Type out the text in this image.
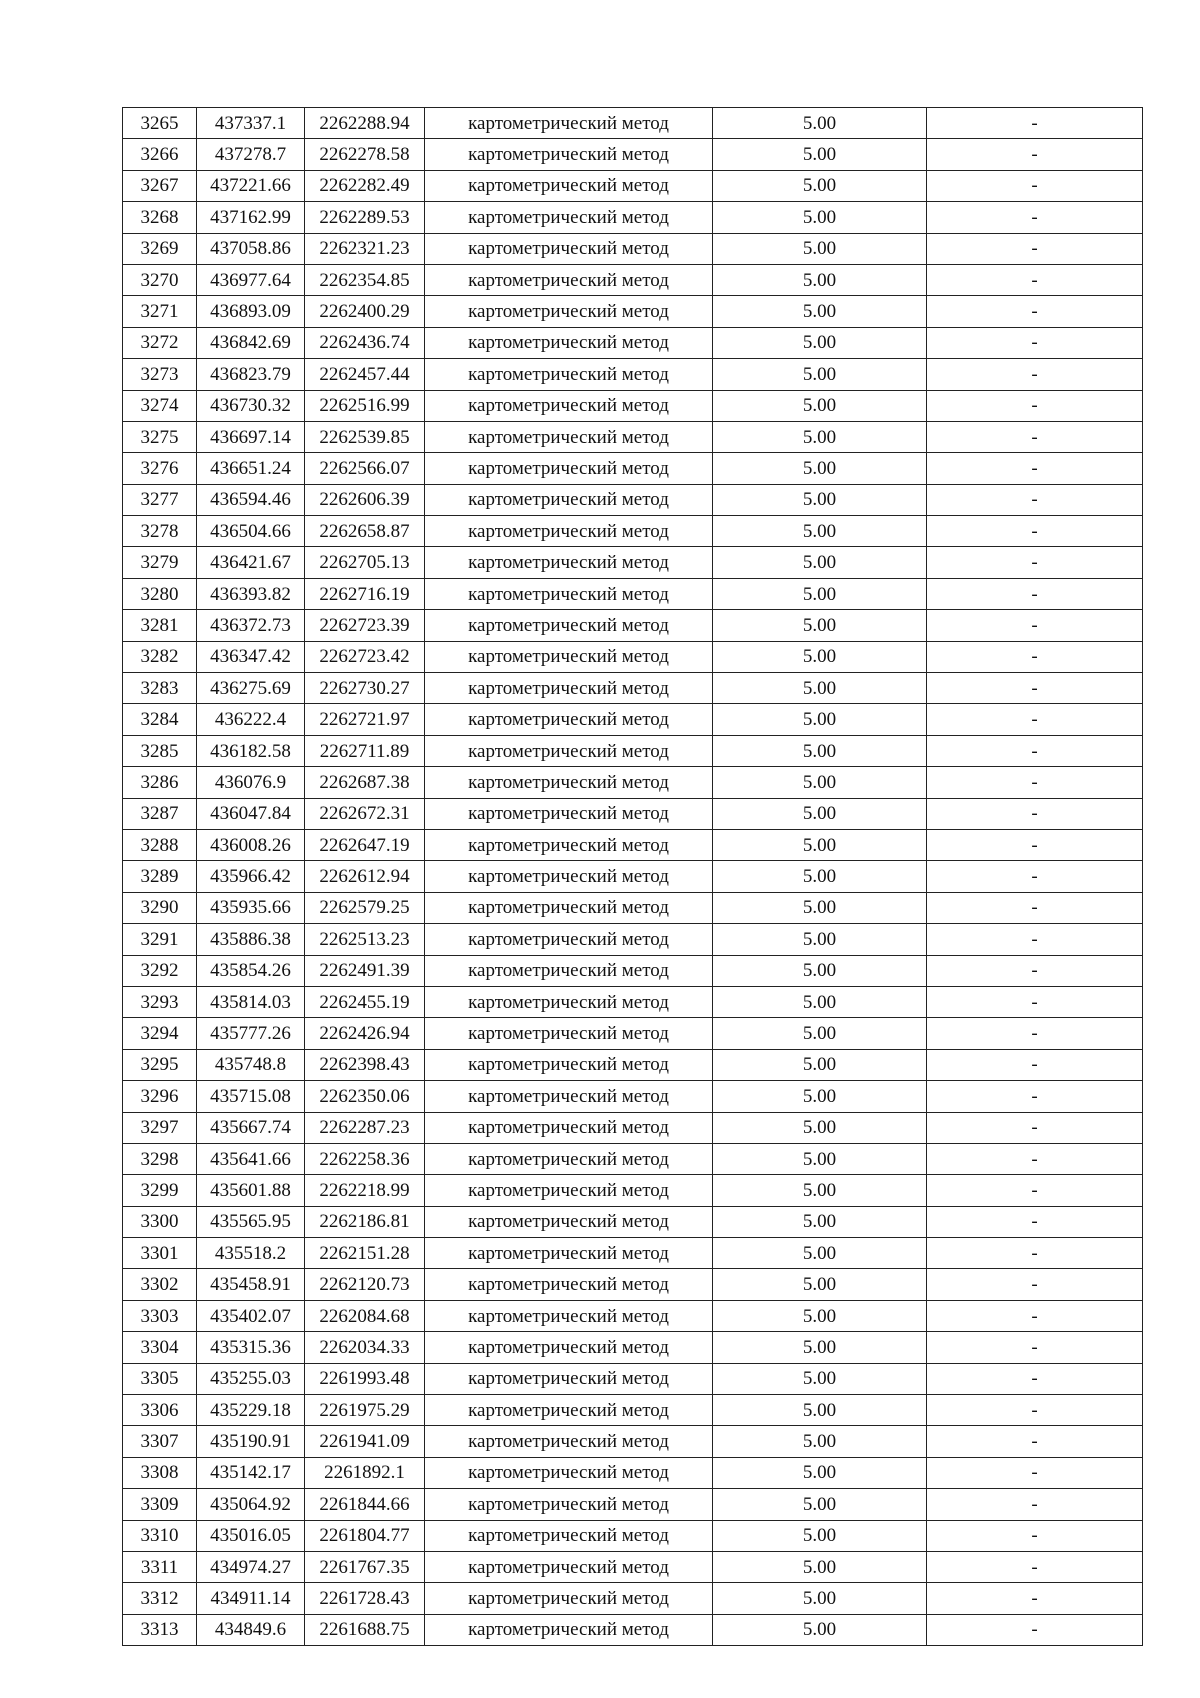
3265	437337.1	2262288.94	картометрический метод	5.00	-
3266	437278.7	2262278.58	картометрический метод	5.00	-
3267	437221.66	2262282.49	картометрический метод	5.00	-
3268	437162.99	2262289.53	картометрический метод	5.00	-
3269	437058.86	2262321.23	картометрический метод	5.00	-
3270	436977.64	2262354.85	картометрический метод	5.00	-
3271	436893.09	2262400.29	картометрический метод	5.00	-
3272	436842.69	2262436.74	картометрический метод	5.00	-
3273	436823.79	2262457.44	картометрический метод	5.00	-
3274	436730.32	2262516.99	картометрический метод	5.00	-
3275	436697.14	2262539.85	картометрический метод	5.00	-
3276	436651.24	2262566.07	картометрический метод	5.00	-
3277	436594.46	2262606.39	картометрический метод	5.00	-
3278	436504.66	2262658.87	картометрический метод	5.00	-
3279	436421.67	2262705.13	картометрический метод	5.00	-
3280	436393.82	2262716.19	картометрический метод	5.00	-
3281	436372.73	2262723.39	картометрический метод	5.00	-
3282	436347.42	2262723.42	картометрический метод	5.00	-
3283	436275.69	2262730.27	картометрический метод	5.00	-
3284	436222.4	2262721.97	картометрический метод	5.00	-
3285	436182.58	2262711.89	картометрический метод	5.00	-
3286	436076.9	2262687.38	картометрический метод	5.00	-
3287	436047.84	2262672.31	картометрический метод	5.00	-
3288	436008.26	2262647.19	картометрический метод	5.00	-
3289	435966.42	2262612.94	картометрический метод	5.00	-
3290	435935.66	2262579.25	картометрический метод	5.00	-
3291	435886.38	2262513.23	картометрический метод	5.00	-
3292	435854.26	2262491.39	картометрический метод	5.00	-
3293	435814.03	2262455.19	картометрический метод	5.00	-
3294	435777.26	2262426.94	картометрический метод	5.00	-
3295	435748.8	2262398.43	картометрический метод	5.00	-
3296	435715.08	2262350.06	картометрический метод	5.00	-
3297	435667.74	2262287.23	картометрический метод	5.00	-
3298	435641.66	2262258.36	картометрический метод	5.00	-
3299	435601.88	2262218.99	картометрический метод	5.00	-
3300	435565.95	2262186.81	картометрический метод	5.00	-
3301	435518.2	2262151.28	картометрический метод	5.00	-
3302	435458.91	2262120.73	картометрический метод	5.00	-
3303	435402.07	2262084.68	картометрический метод	5.00	-
3304	435315.36	2262034.33	картометрический метод	5.00	-
3305	435255.03	2261993.48	картометрический метод	5.00	-
3306	435229.18	2261975.29	картометрический метод	5.00	-
3307	435190.91	2261941.09	картометрический метод	5.00	-
3308	435142.17	2261892.1	картометрический метод	5.00	-
3309	435064.92	2261844.66	картометрический метод	5.00	-
3310	435016.05	2261804.77	картометрический метод	5.00	-
3311	434974.27	2261767.35	картометрический метод	5.00	-
3312	434911.14	2261728.43	картометрический метод	5.00	-
3313	434849.6	2261688.75	картометрический метод	5.00	-
